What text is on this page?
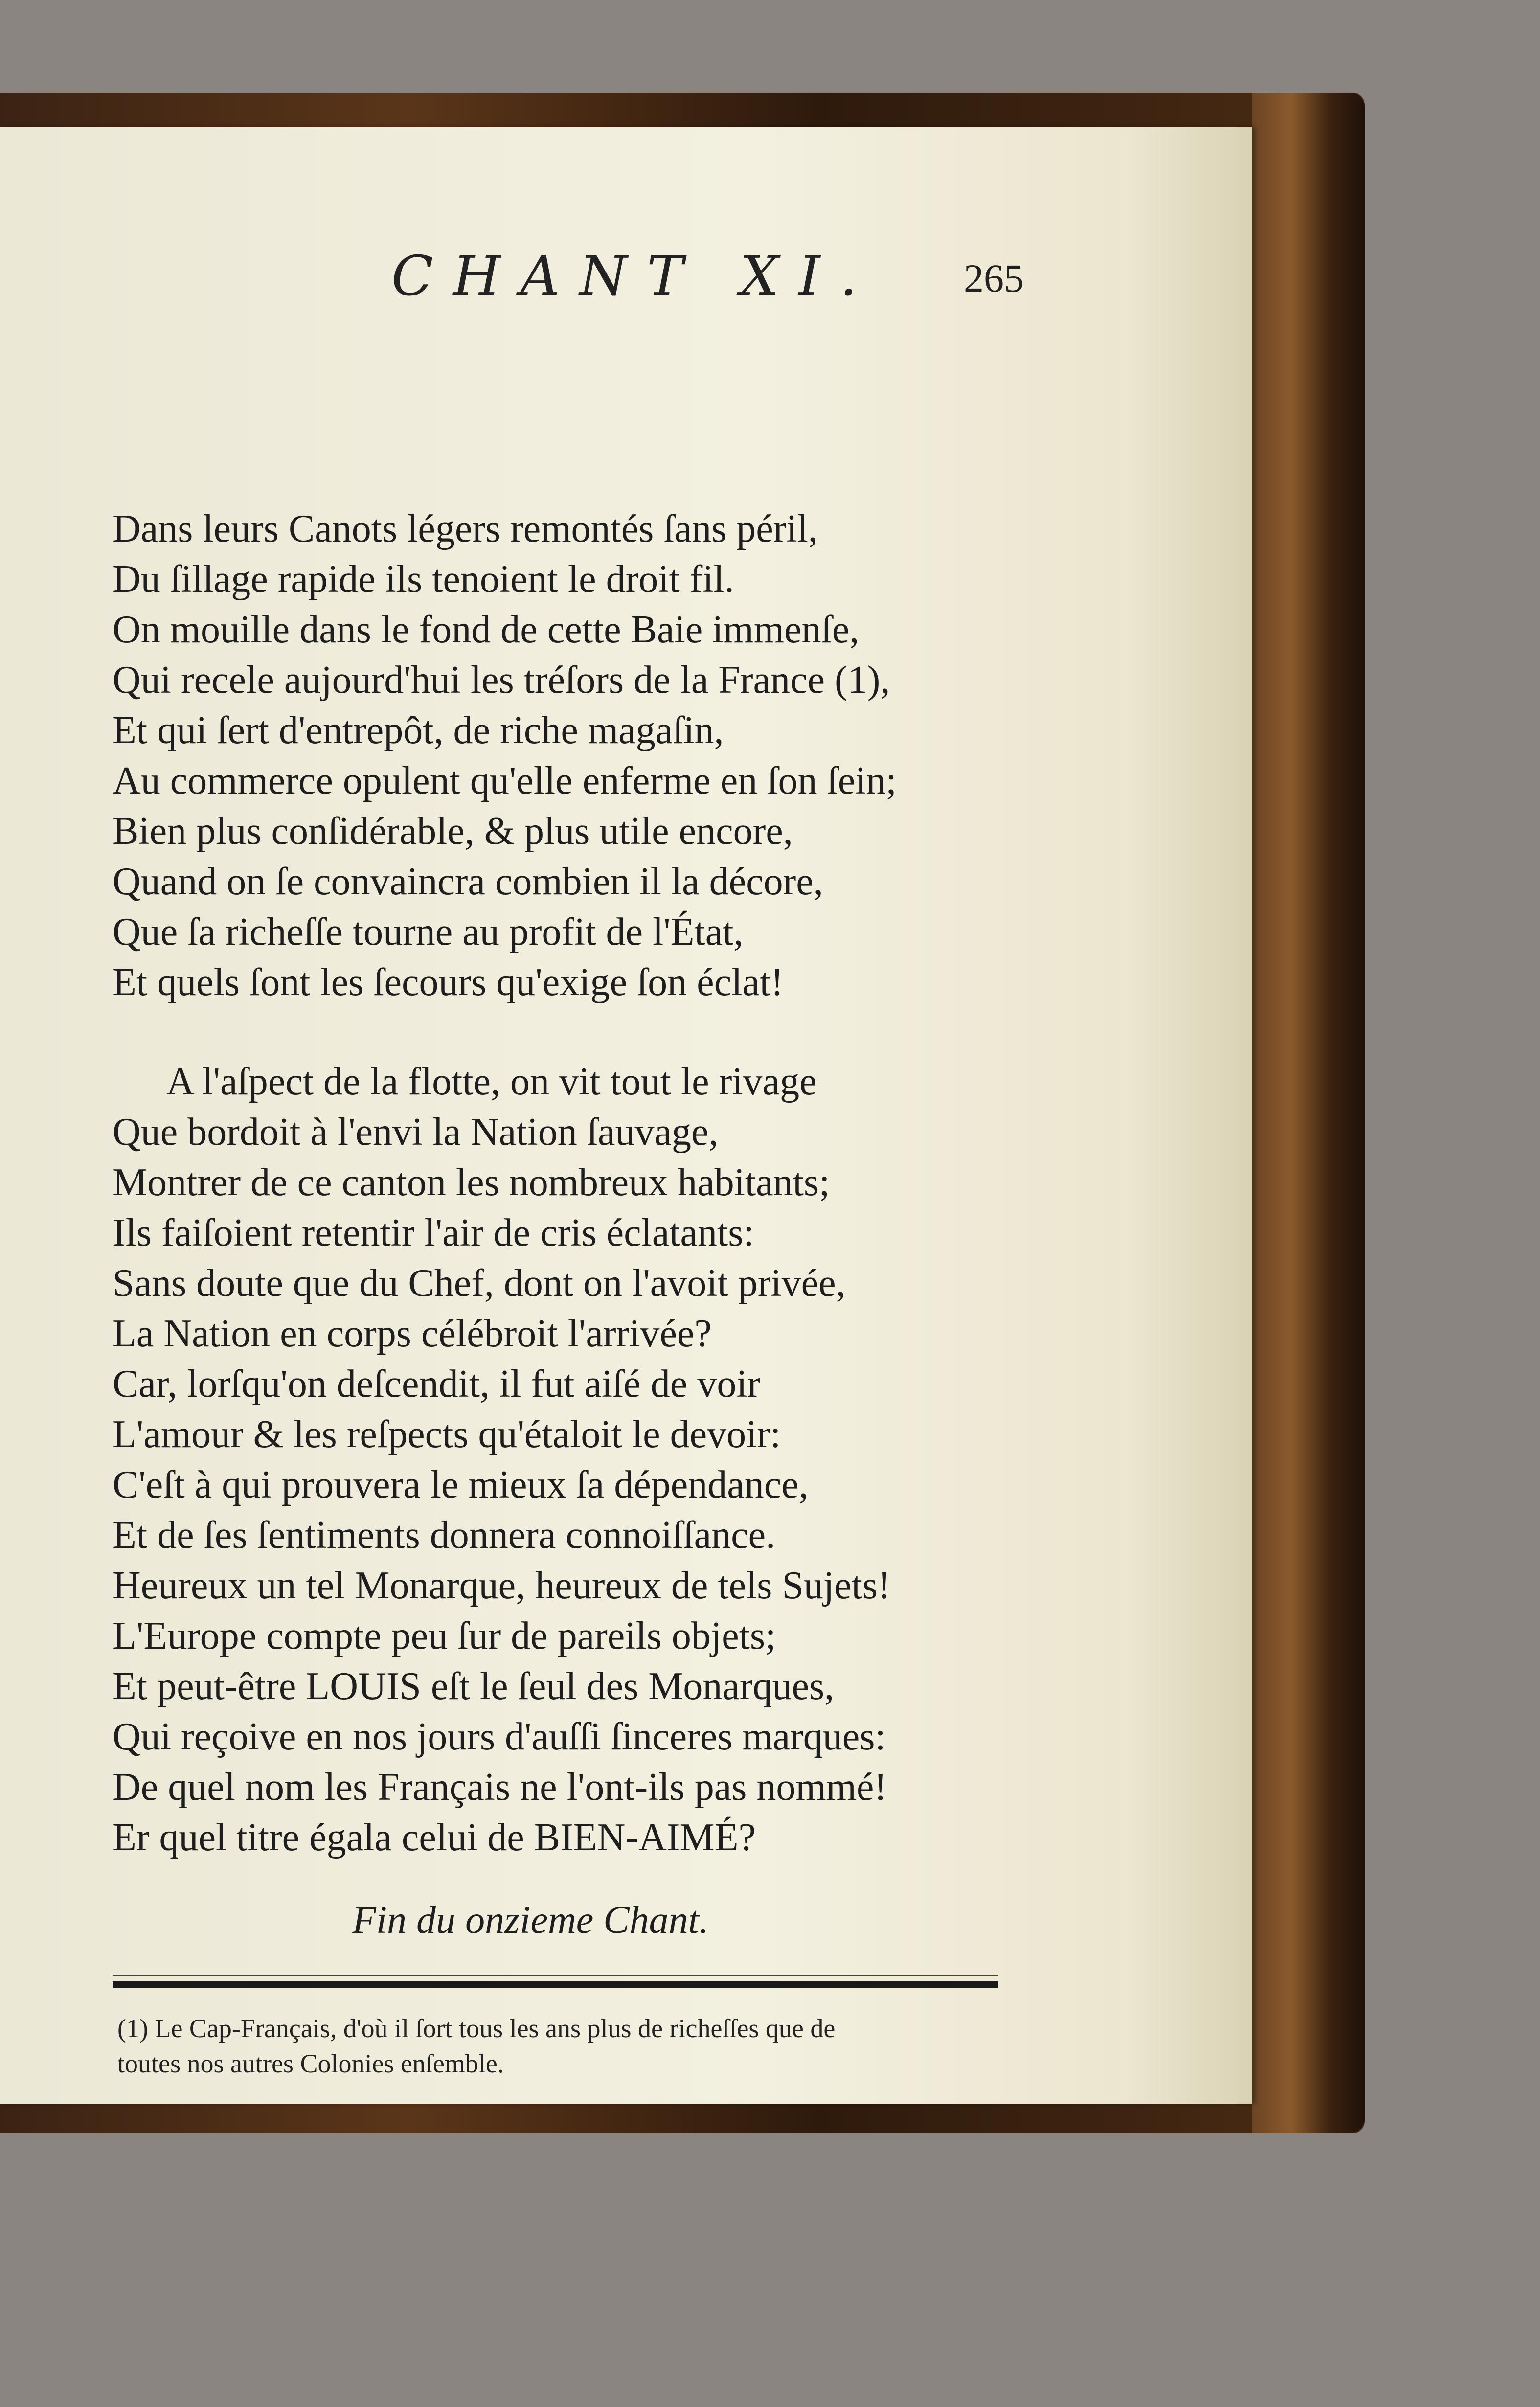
CHANT XI. 265
Dans leurs Canots légers remontés ſans péril,
Du ſillage rapide ils tenoient le droit fil.
On mouille dans le fond de cette Baie immenſe,
Qui recele aujourd'hui les tréſors de la France (1),
Et qui ſert d'entrepôt, de riche magaſin,
Au commerce opulent qu'elle enferme en ſon ſein;
Bien plus conſidérable, & plus utile encore,
Quand on ſe convaincra combien il la décore,
Que ſa richeſſe tourne au profit de l'État,
Et quels ſont les ſecours qu'exige ſon éclat!
A l'aſpect de la flotte, on vit tout le rivage
Que bordoit à l'envi la Nation ſauvage,
Montrer de ce canton les nombreux habitants;
Ils faiſoient retentir l'air de cris éclatants:
Sans doute que du Chef, dont on l'avoit privée,
La Nation en corps célébroit l'arrivée?
Car, lorſqu'on deſcendit, il fut aiſé de voir
L'amour & les reſpects qu'étaloit le devoir:
C'eſt à qui prouvera le mieux ſa dépendance,
Et de ſes ſentiments donnera connoiſſance.
Heureux un tel Monarque, heureux de tels Sujets!
L'Europe compte peu ſur de pareils objets;
Et peut-être LOUIS eſt le ſeul des Monarques,
Qui reçoive en nos jours d'auſſi ſinceres marques:
De quel nom les Français ne l'ont-ils pas nommé!
Er quel titre égala celui de BIEN-AIMÉ?
Fin du onzieme Chant.
(1) Le Cap-Français, d'où il ſort tous les ans plus de richeſſes que de
toutes nos autres Colonies enſemble.
